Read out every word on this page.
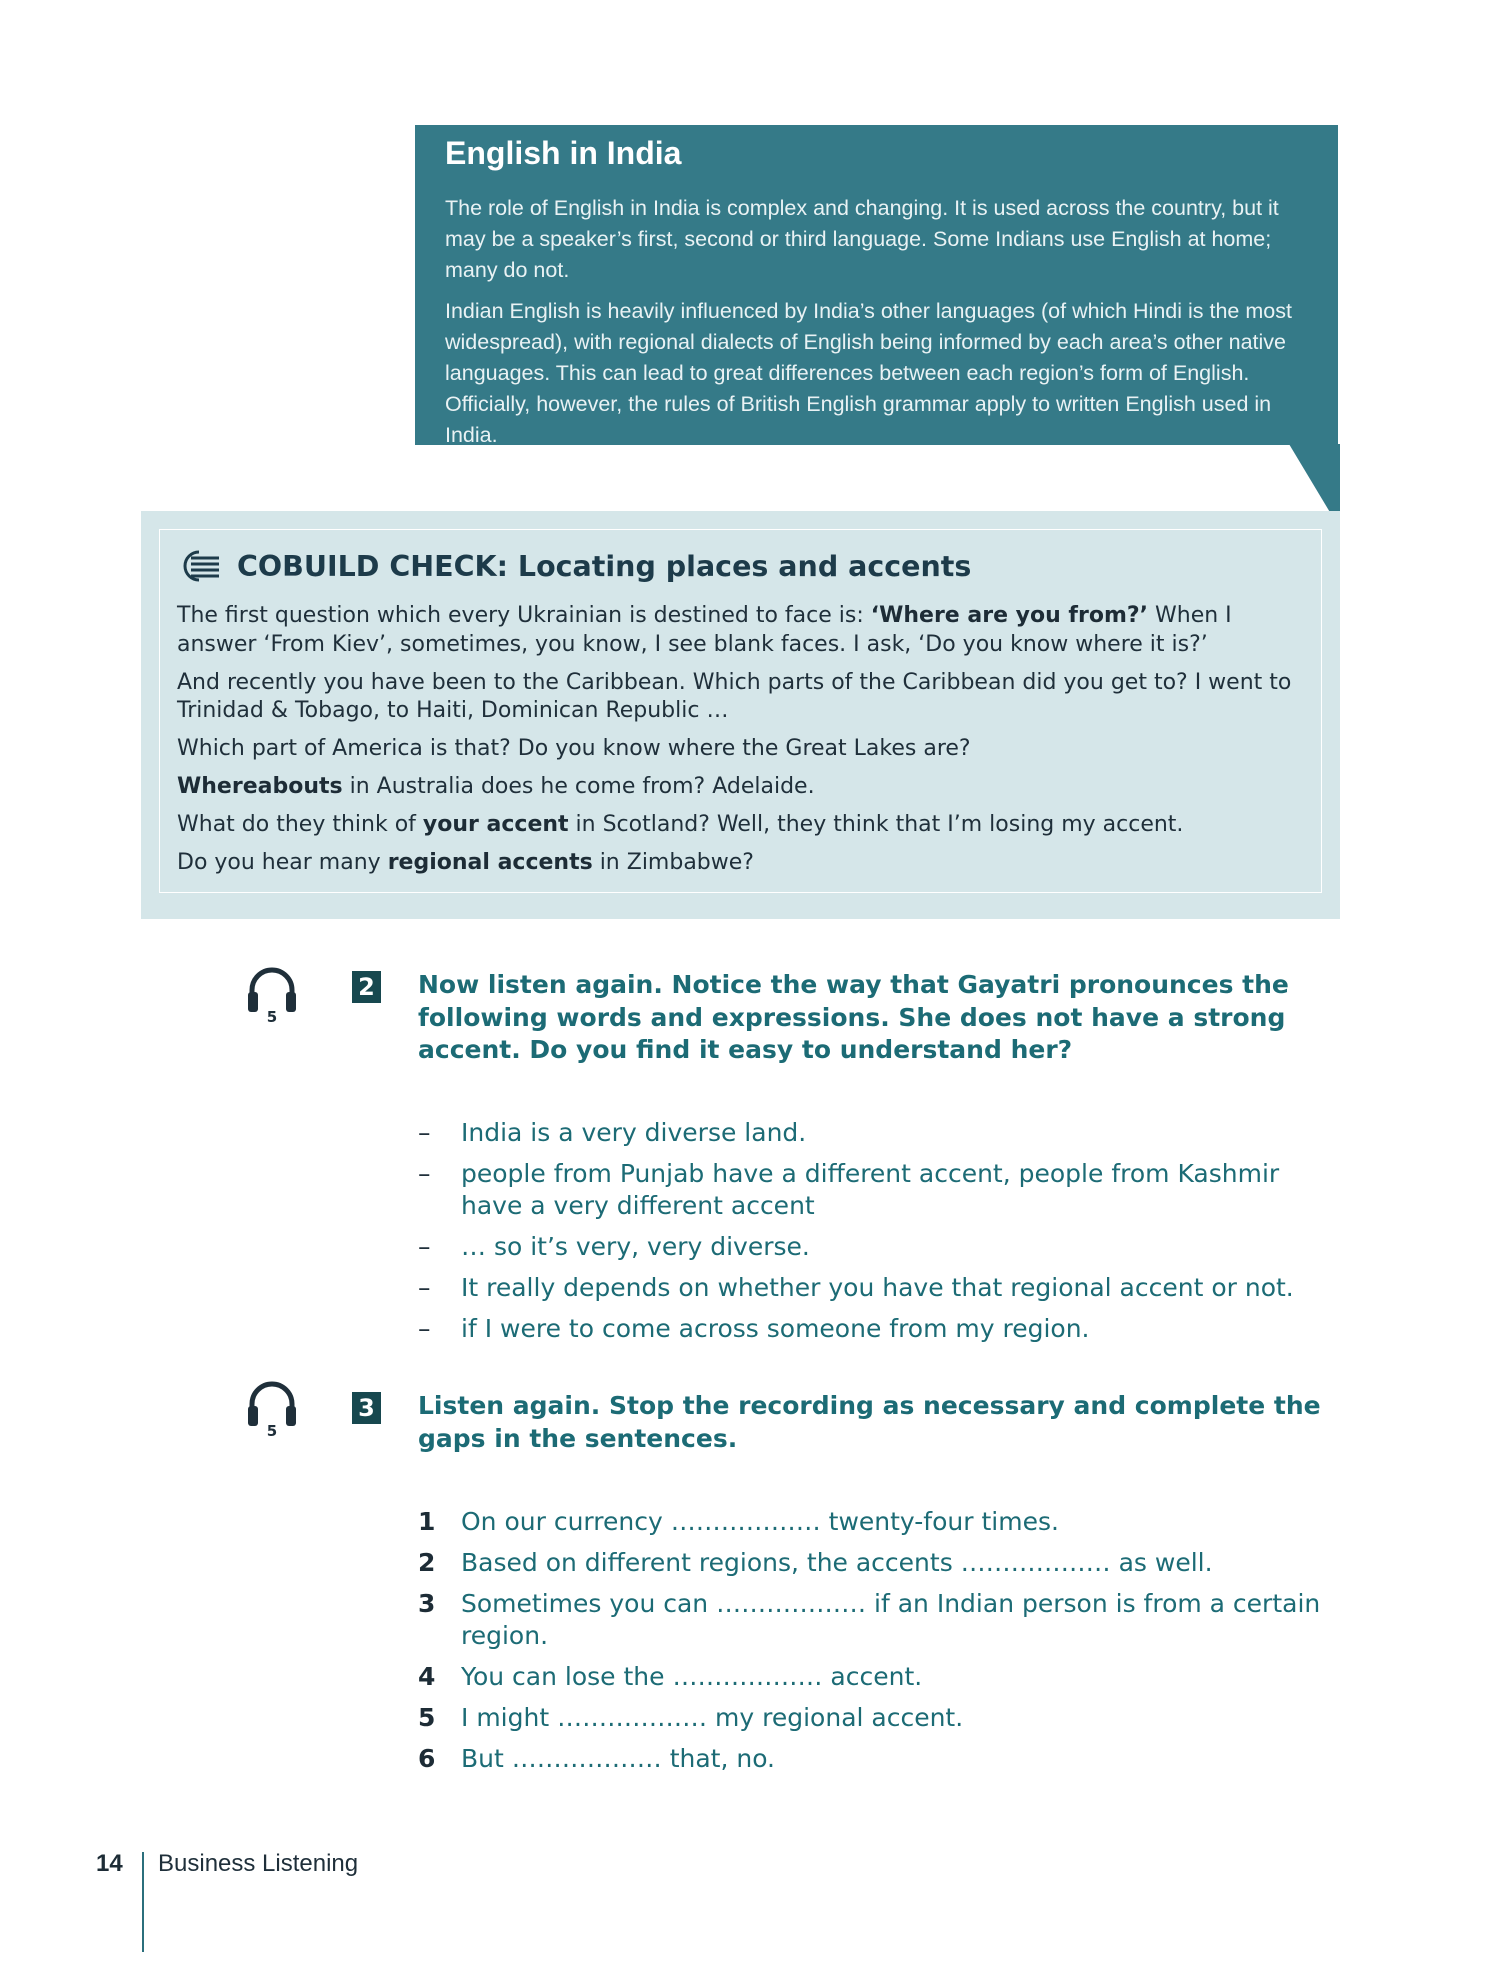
English in India

The role of English in India is complex and changing. It is used across the country, but it may be a speaker’s first, second or third language. Some Indians use English at home; many do not.

Indian English is heavily influenced by India’s other languages (of which Hindi is the most widespread), with regional dialects of English being informed by each area’s other native languages. This can lead to great differences between each region’s form of English. Officially, however, the rules of British English grammar apply to written English used in India.

COBUILD CHECK: Locating places and accents

The first question which every Ukrainian is destined to face is: ‘Where are you from?’ When I answer ‘From Kiev’, sometimes, you know, I see blank faces. I ask, ‘Do you know where it is?’

And recently you have been to the Caribbean. Which parts of the Caribbean did you get to? I went to Trinidad & Tobago, to Haiti, Dominican Republic …

Which part of America is that? Do you know where the Great Lakes are?

Whereabouts in Australia does he come from? Adelaide.

What do they think of your accent in Scotland? Well, they think that I’m losing my accent.

Do you hear many regional accents in Zimbabwe?

5
2 Now listen again. Notice the way that Gayatri pronounces the following words and expressions. She does not have a strong accent. Do you find it easy to understand her?
– India is a very diverse land.
– people from Punjab have a different accent, people from Kashmir have a very different accent
– … so it’s very, very diverse.
– It really depends on whether you have that regional accent or not.
– if I were to come across someone from my region.
5
3 Listen again. Stop the recording as necessary and complete the gaps in the sentences.
1 On our currency ……………… twenty-four times.
2 Based on different regions, the accents ……………… as well.
3 Sometimes you can ……………… if an Indian person is from a certain region.
4 You can lose the ……………… accent.
5 I might ……………… my regional accent.
6 But ……………… that, no.
14 Business Listening
